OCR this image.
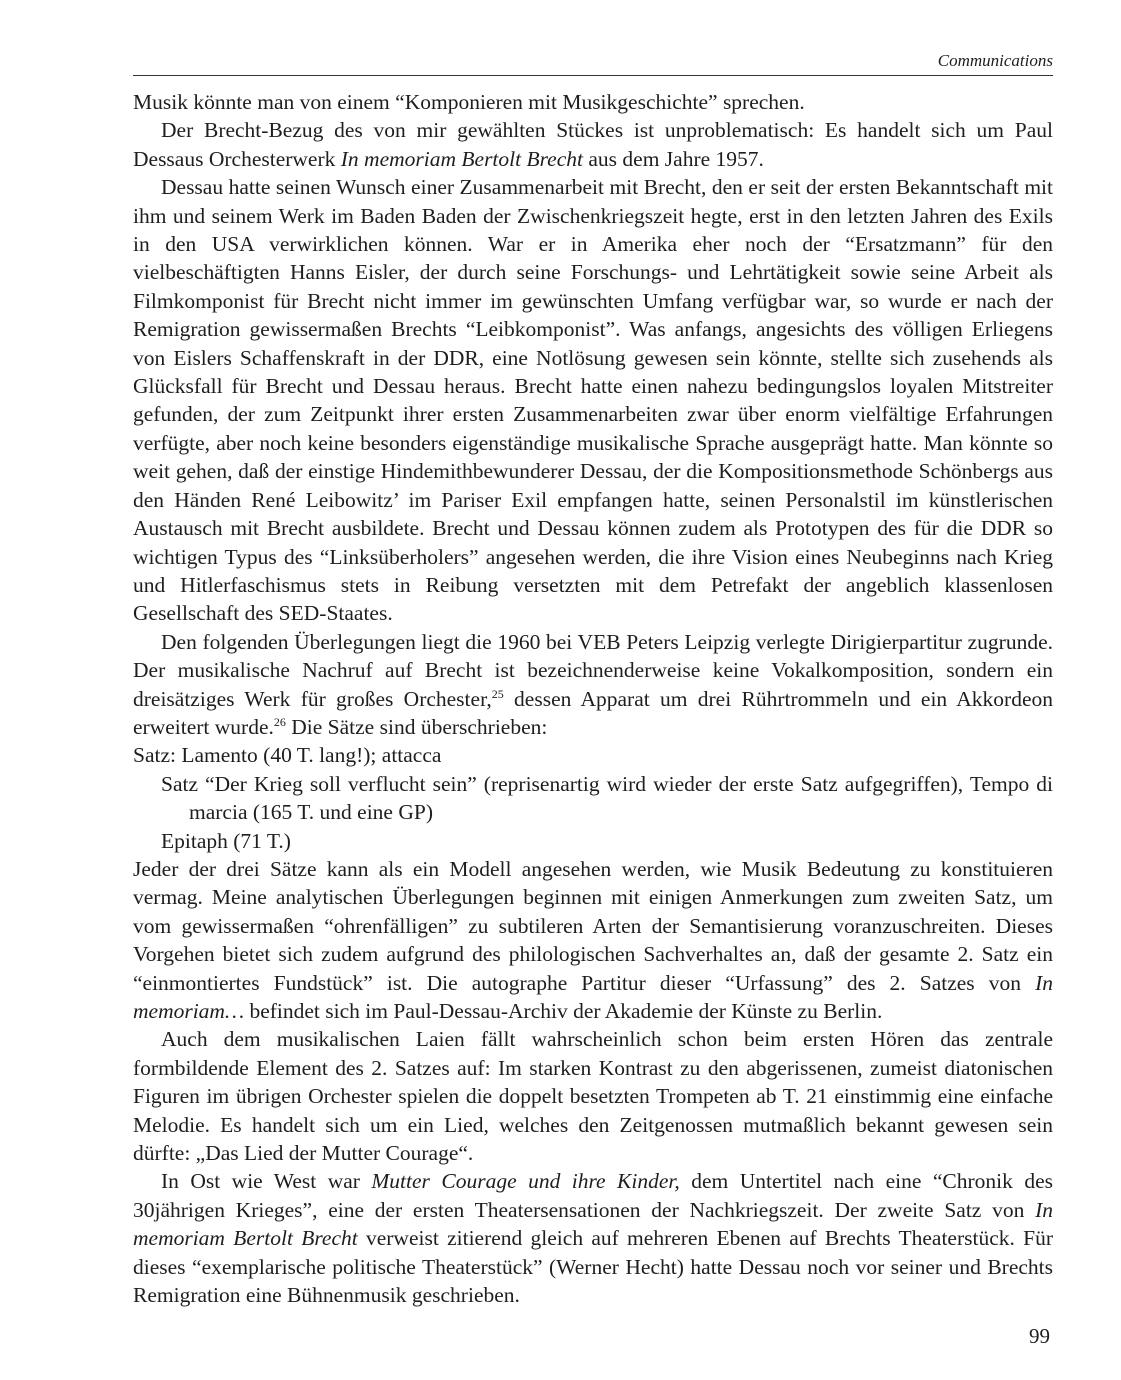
Communications

Musik könnte man von einem “Komponieren mit Musikgeschichte” sprechen.

Der Brecht-Bezug des von mir gewählten Stückes ist unproblematisch: Es handelt sich um Paul Dessaus Orchesterwerk In memoriam Bertolt Brecht aus dem Jahre 1957.

Dessau hatte seinen Wunsch einer Zusammenarbeit mit Brecht, den er seit der ersten Bekanntschaft mit ihm und seinem Werk im Baden Baden der Zwischenkriegszeit hegte, erst in den letzten Jahren des Exils in den USA verwirklichen können. War er in Amerika eher noch der “Ersatzmann” für den vielbeschäftigten Hanns Eisler, der durch seine Forschungs- und Lehrtätigkeit sowie seine Arbeit als Filmkomponist für Brecht nicht immer im gewünschten Umfang verfügbar war, so wurde er nach der Remigration gewissermaßen Brechts “Leibkomponist”. Was anfangs, angesichts des völligen Erliegens von Eislers Schaffenskraft in der DDR, eine Notlösung gewesen sein könnte, stellte sich zusehends als Glücksfall für Brecht und Dessau heraus. Brecht hatte einen nahezu bedingungslos loyalen Mitstreiter gefunden, der zum Zeitpunkt ihrer ersten Zusammenarbeiten zwar über enorm vielfältige Erfahrungen verfügte, aber noch keine besonders eigenständige musikalische Sprache ausgeprägt hatte. Man könnte so weit gehen, daß der einstige Hindemithbewunderer Dessau, der die Kompositionsmethode Schönbergs aus den Händen René Leibowitz’ im Pariser Exil empfangen hatte, seinen Personalstil im künstlerischen Austausch mit Brecht ausbildete. Brecht und Dessau können zudem als Prototypen des für die DDR so wichtigen Typus des “Linksüberholers” angesehen werden, die ihre Vision eines Neubeginns nach Krieg und Hitlerfaschismus stets in Reibung versetzten mit dem Petrefakt der angeblich klassenlosen Gesellschaft des SED-Staates.

Den folgenden Überlegungen liegt die 1960 bei VEB Peters Leipzig verlegte Dirigierpartitur zugrunde. Der musikalische Nachruf auf Brecht ist bezeichnenderweise keine Vokalkomposition, sondern ein dreisätziges Werk für großes Orchester,$^{25}$ dessen Apparat um drei Rührtrommeln und ein Akkordeon erweitert wurde.$^{26}$ Die Sätze sind überschrieben:

Satz: Lamento (40 T. lang!); attacca

Satz “Der Krieg soll verflucht sein” (reprisenartig wird wieder der erste Satz aufgegriffen), Tempo di marcia (165 T. und eine GP)

Epitaph (71 T.)

Jeder der drei Sätze kann als ein Modell angesehen werden, wie Musik Bedeutung zu konstituieren vermag. Meine analytischen Überlegungen beginnen mit einigen Anmerkungen zum zweiten Satz, um vom gewissermaßen “ohrenfälligen” zu subtileren Arten der Semantisierung voranzuschreiten. Dieses Vorgehen bietet sich zudem aufgrund des philologischen Sachverhaltes an, daß der gesamte 2. Satz ein “einmontiertes Fundstück” ist. Die autographe Partitur dieser “Urfassung” des 2. Satzes von In memoriam… befindet sich im Paul-Dessau-Archiv der Akademie der Künste zu Berlin.

Auch dem musikalischen Laien fällt wahrscheinlich schon beim ersten Hören das zentrale formbildende Element des 2. Satzes auf: Im starken Kontrast zu den abgerissenen, zumeist diatonischen Figuren im übrigen Orchester spielen die doppelt besetzten Trompeten ab T. 21 einstimmig eine einfache Melodie. Es handelt sich um ein Lied, welches den Zeitgenossen mutmaßlich bekannt gewesen sein dürfte: „Das Lied der Mutter Courage“.

In Ost wie West war Mutter Courage und ihre Kinder, dem Untertitel nach eine “Chronik des 30jährigen Krieges”, eine der ersten Theatersensationen der Nachkriegszeit. Der zweite Satz von In memoriam Bertolt Brecht verweist zitierend gleich auf mehreren Ebenen auf Brechts Theaterstück. Für dieses “exemplarische politische Theaterstück” (Werner Hecht) hatte Dessau noch vor seiner und Brechts Remigration eine Bühnenmusik geschrieben.

99
